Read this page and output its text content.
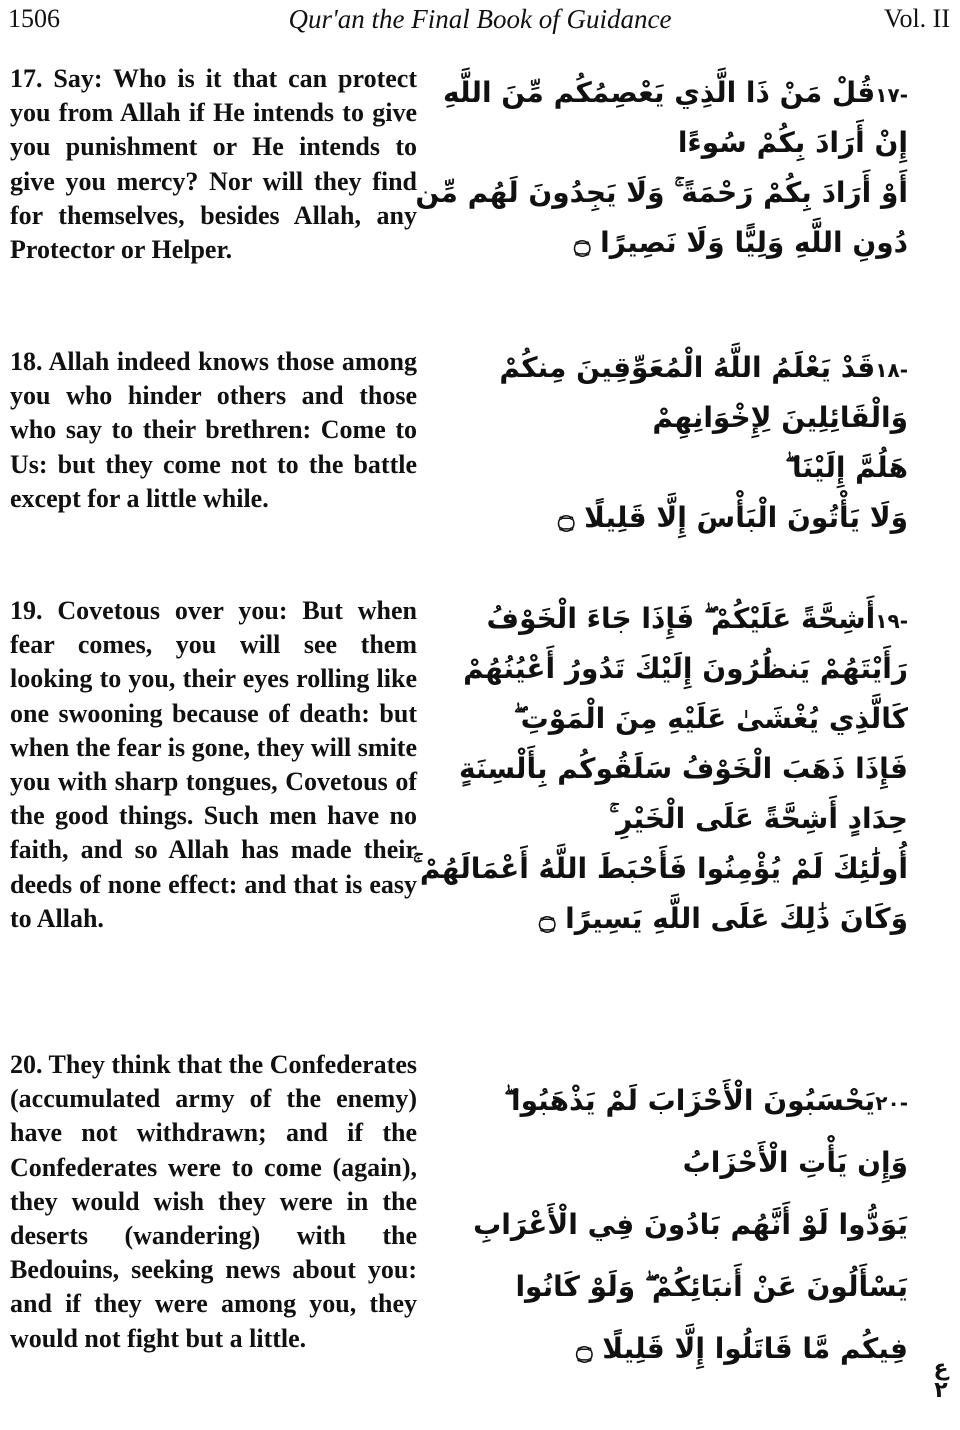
1506	Qur'an the Final Book of Guidance	Vol. II

17. Say: Who is it that can protect you from Allah if He intends to give you punishment or He intends to give you mercy? Nor will they find for themselves, besides Allah, any Protector or Helper.

-١٧قُلْ مَنْ ذَا الَّذِي يَعْصِمُكُم مِّنَ اللَّهِ
إِنْ أَرَادَ بِكُمْ سُوءًا
أَوْ أَرَادَ بِكُمْ رَحْمَةً ۚ وَلَا يَجِدُونَ لَهُم مِّن
دُونِ اللَّهِ وَلِيًّا وَلَا نَصِيرًا ۝

18. Allah indeed knows those among you who hinder others and those who say to their brethren: Come to Us: but they come not to the battle except for a little while.

-١٨قَدْ يَعْلَمُ اللَّهُ الْمُعَوِّقِينَ مِنكُمْ
وَالْقَائِلِينَ لِإِخْوَانِهِمْ
هَلُمَّ إِلَيْنَا ۖ
وَلَا يَأْتُونَ الْبَأْسَ إِلَّا قَلِيلًا ۝

19. Covetous over you: But when fear comes, you will see them looking to you, their eyes rolling like one swooning because of death: but when the fear is gone, they will smite you with sharp tongues, Covetous of the good things. Such men have no faith, and so Allah has made their deeds of none effect: and that is easy to Allah.

-١٩أَشِحَّةً عَلَيْكُمْ ۖ فَإِذَا جَاءَ الْخَوْفُ
رَأَيْتَهُمْ يَنظُرُونَ إِلَيْكَ تَدُورُ أَعْيُنُهُمْ
كَالَّذِي يُغْشَىٰ عَلَيْهِ مِنَ الْمَوْتِ ۖ
فَإِذَا ذَهَبَ الْخَوْفُ سَلَقُوكُم بِأَلْسِنَةٍ
حِدَادٍ أَشِحَّةً عَلَى الْخَيْرِ ۚ
أُولَٰئِكَ لَمْ يُؤْمِنُوا فَأَحْبَطَ اللَّهُ أَعْمَالَهُمْ ۚ
وَكَانَ ذَٰلِكَ عَلَى اللَّهِ يَسِيرًا ۝

20. They think that the Confederates (accumulated army of the enemy) have not withdrawn; and if the Confederates were to come (again), they would wish they were in the deserts (wandering) with the Bedouins, seeking news about you: and if they were among you, they would not fight but a little.

-٢٠يَحْسَبُونَ الْأَحْزَابَ لَمْ يَذْهَبُوا ۖ
وَإِن يَأْتِ الْأَحْزَابُ
يَوَدُّوا لَوْ أَنَّهُم بَادُونَ فِي الْأَعْرَابِ
يَسْأَلُونَ عَنْ أَنبَائِكُمْ ۖ وَلَوْ كَانُوا
فِيكُم مَّا قَاتَلُوا إِلَّا قَلِيلًا ۝
ع ٢
